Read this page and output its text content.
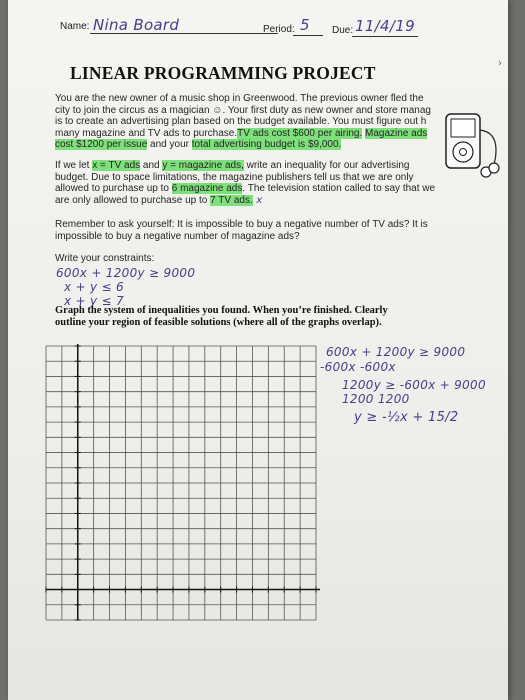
›
Name: Nina Board	Period: 5 Due: 11/4/19
LINEAR PROGRAMMING PROJECT
You are the new owner of a music shop in Greenwood. The previous owner fled the
city to join the circus as a magician ☺. Your first duty as new owner and store manag
is to create an advertising plan based on the budget available. You must figure out h
many magazine and TV ads to purchase.TV ads cost $600 per airing. Magazine ads
cost $1200 per issue and your total advertising budget is $9,000.
If we let x = TV ads and y = magazine ads, write an inequality for our advertising
budget. Due to space limitations, the magazine publishers tell us that we are only
allowed to purchase up to 6 magazine ads. The television station called to say that we
are only allowed to purchase up to 7 TV ads. x
Remember to ask yourself: It is impossible to buy a negative number of TV ads? It is
impossible to buy a negative number of magazine ads?
Write your constraints:
600x + 1200y ≥ 9000
x + y ≤ 6
x + y ≤ 7
Graph the system of inequalities you found. When you’re finished. Clearly
outline your region of feasible solutions (where all of the graphs overlap).
600x + 1200y ≥ 9000
-600x -600x
1200y ≥ -600x + 9000
1200 1200
y ≥ -½x + 15/2
